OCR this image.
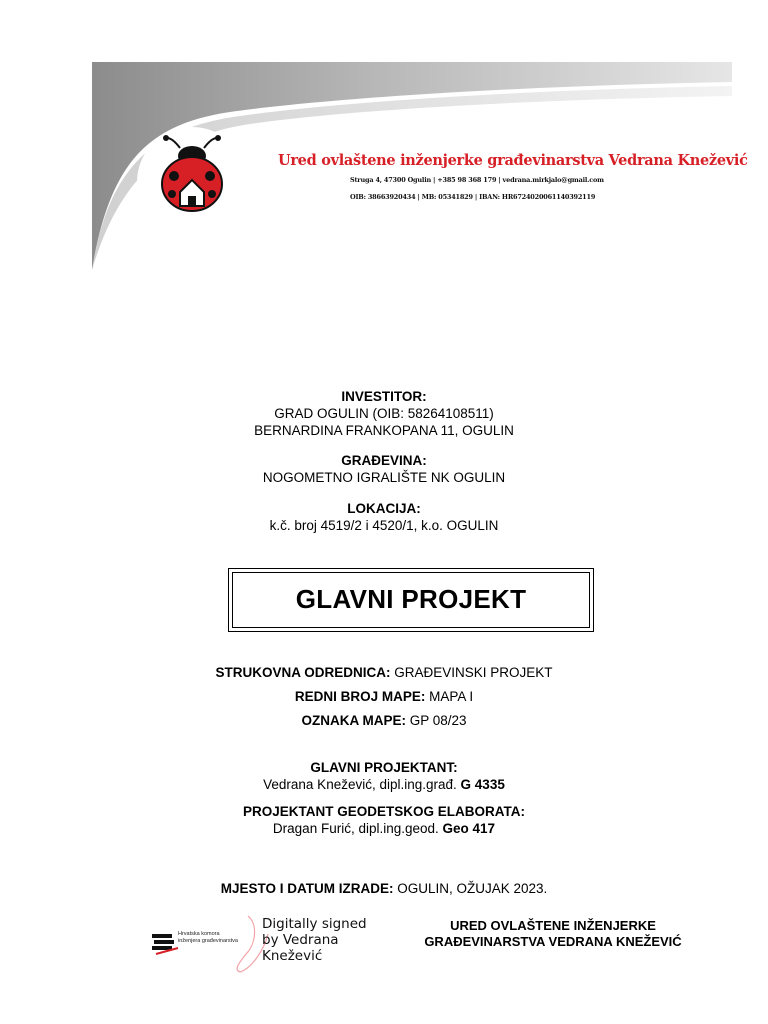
Ured ovlaštene inženjerke građevinarstva Vedrana Knežević
Struga 4, 47300 Ogulin | +385 98 368 179 | vedrana.mirkjalo@gmail.com
OIB: 38663920434 | MB: 05341829 | IBAN: HR6724020061140392119
INVESTITOR:
GRAD OGULIN (OIB: 58264108511)
BERNARDINA FRANKOPANA 11, OGULIN
GRAĐEVINA:
NOGOMETNO IGRALIŠTE NK OGULIN
LOKACIJA:
k.č. broj 4519/2 i 4520/1, k.o. OGULIN
GLAVNI PROJEKT
STRUKOVNA ODREDNICA: GRAĐEVINSKI PROJEKT
REDNI BROJ MAPE: MAPA I
OZNAKA MAPE: GP 08/23
GLAVNI PROJEKTANT:
Vedrana Knežević, dipl.ing.građ. G 4335
PROJEKTANT GEODETSKOG ELABORATA:
Dragan Furić, dipl.ing.geod. Geo 417
MJESTO I DATUM IZRADE: OGULIN, OŽUJAK 2023.
Hrvatska komora
inženjera građevinarstva
Digitally signed
by Vedrana
Knežević
URED OVLAŠTENE INŽENJERKE
GRAĐEVINARSTVA VEDRANA KNEŽEVIĆ
